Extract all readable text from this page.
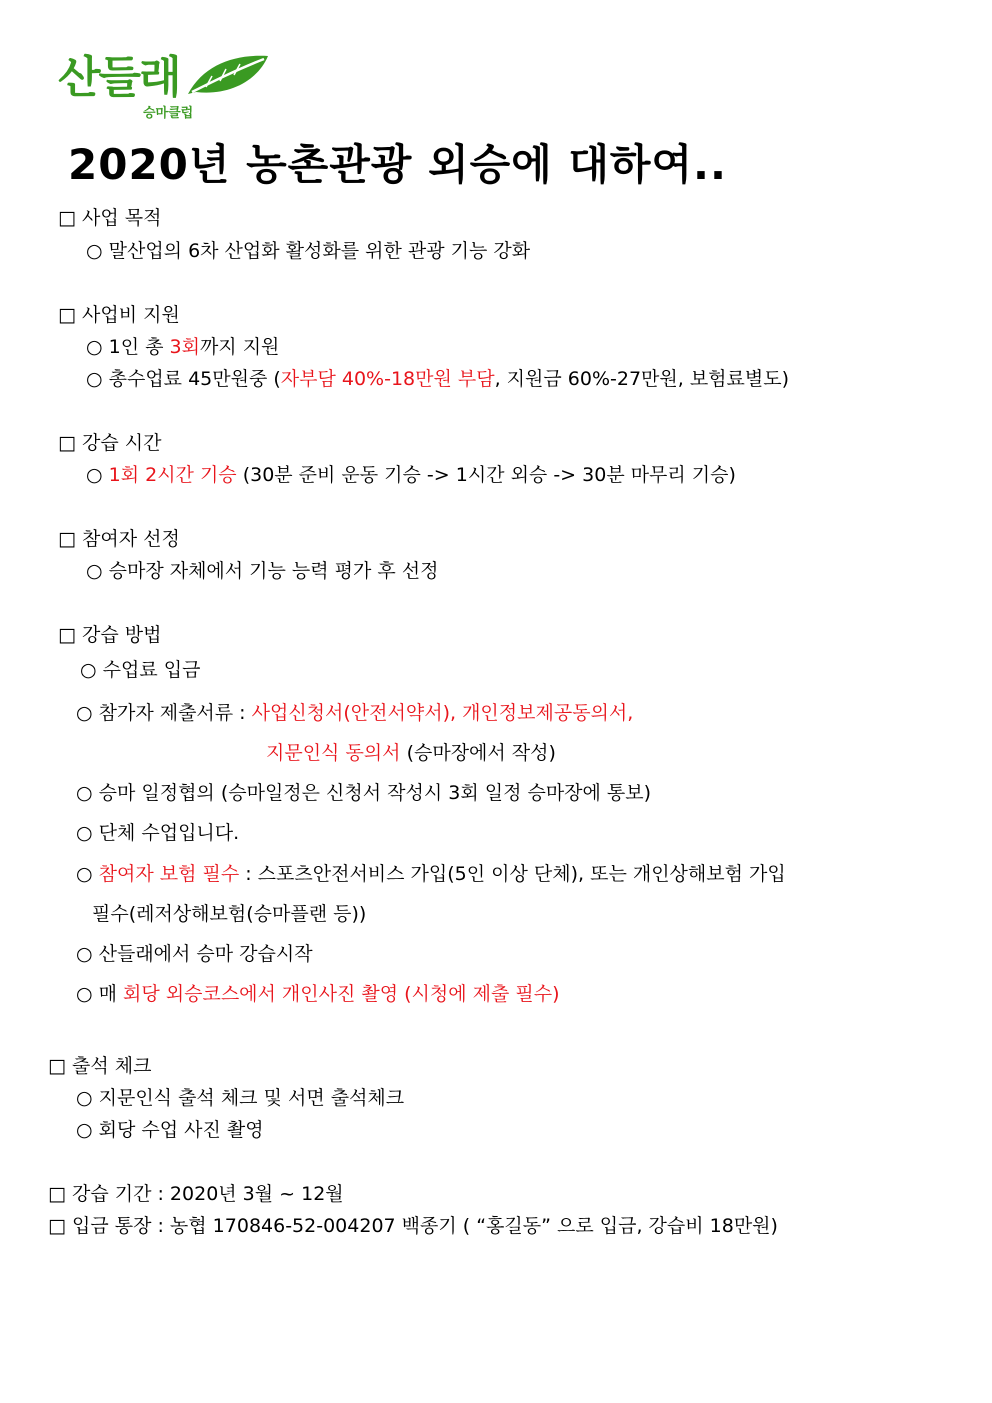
산들래
승마클럽
2020년 농촌관광 외승에 대하여..
□ 사업 목적
○ 말산업의 6차 산업화 활성화를 위한 관광 기능 강화
□ 사업비 지원
○ 1인 총 3회까지 지원
○ 총수업료 45만원중 (자부담 40%-18만원 부담, 지원금 60%-27만원, 보험료별도)
□ 강습 시간
○ 1회 2시간 기승 (30분 준비 운동 기승 -> 1시간 외승 -> 30분 마무리 기승)
□ 참여자 선정
○ 승마장 자체에서 기능 능력 평가 후 선정
□ 강습 방법
○ 수업료 입금
○ 참가자 제출서류 : 사업신청서(안전서약서), 개인정보제공동의서,
지문인식 동의서 (승마장에서 작성)
○ 승마 일정협의 (승마일정은 신청서 작성시 3회 일정 승마장에 통보)
○ 단체 수업입니다.
○ 참여자 보험 필수 : 스포츠안전서비스 가입(5인 이상 단체), 또는 개인상해보험 가입
필수(레저상해보험(승마플랜 등))
○ 산들래에서 승마 강습시작
○ 매 회당 외승코스에서 개인사진 촬영 (시청에 제출 필수)
□ 출석 체크
○ 지문인식 출석 체크 및 서면 출석체크
○ 회당 수업 사진 촬영
□ 강습 기간 : 2020년 3월 ~ 12월
□ 입금 통장 : 농협 170846-52-004207 백종기 ( “홍길동” 으로 입금, 강습비 18만원)
